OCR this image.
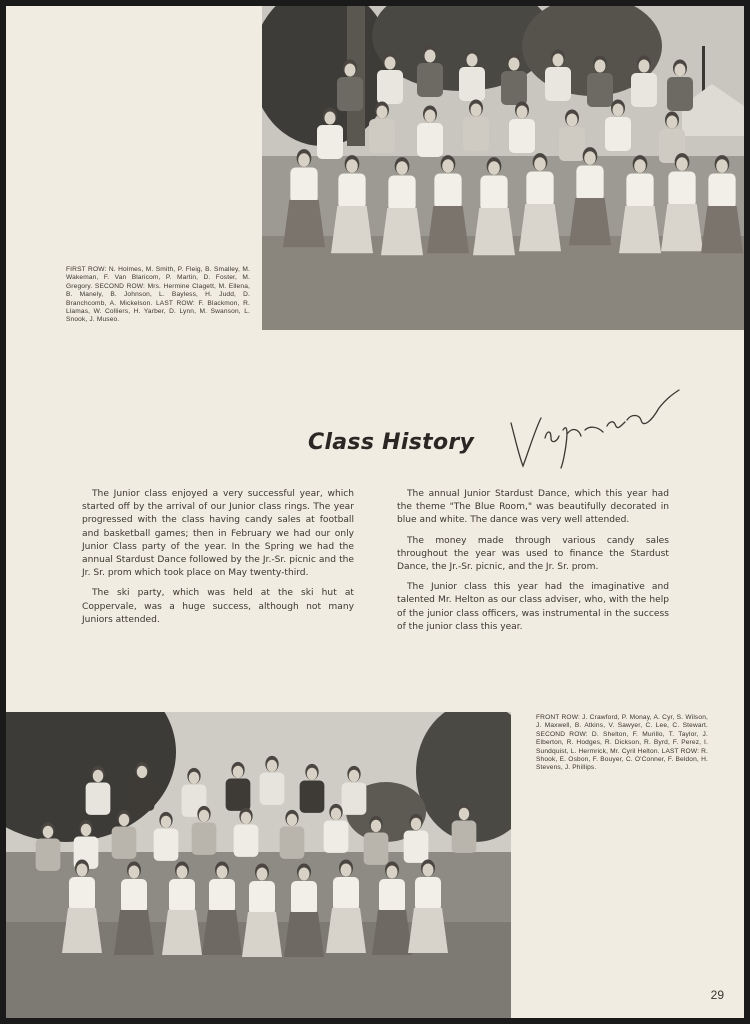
FIRST ROW: N. Holmes, M. Smith, P. Fleig, B. Smalley, M. Wakeman, F. Van Blaricom, P. Martin, D. Foster, M. Gregory. SECOND ROW: Mrs. Hermine Clagett, M. Ellena, B. Manely, B. Johnson, L. Bayless, H. Judd, D. Branchcomb, A. Mickelson. LAST ROW: F. Blackmon, R. Llamas, W. Colliers, H. Yarber, D. Lynn, M. Swanson, L. Snook, J. Museo.
Class History

The Junior class enjoyed a very successful year, which started off by the arrival of our Junior class rings. The year progressed with the class having candy sales at football and basketball games; then in February we had our only Junior Class party of the year. In the Spring we had the annual Stardust Dance followed by the Jr.-Sr. picnic and the Jr. Sr. prom which took place on May twenty-third.

The ski party, which was held at the ski hut at Coppervale, was a huge success, although not many Juniors attended.

The annual Junior Stardust Dance, which this year had the theme "The Blue Room," was beautifully decorated in blue and white. The dance was very well attended.

The money made through various candy sales throughout the year was used to finance the Stardust Dance, the Jr.-Sr. picnic, and the Jr. Sr. prom.

The Junior class this year had the imaginative and talented Mr. Helton as our class adviser, who, with the help of the junior class officers, was instrumental in the success of the junior class this year.

FRONT ROW: J. Crawford, P. Monay, A. Cyr, S. Wilson, J. Maxwell, B. Atkins, V. Sawyer, C. Lee, C. Stewart. SECOND ROW: D. Shelton, F. Murillo, T. Taylor, J. Elberton, R. Hodges, R. Dickson, R. Byrd, F. Perez, I. Sundquist, L. Hermrick, Mr. Cyril Helton. LAST ROW: R. Shook, E. Osbon, F. Bouyer, C. O'Conner, F. Beldon, H. Stevens, J. Phillips.
29
